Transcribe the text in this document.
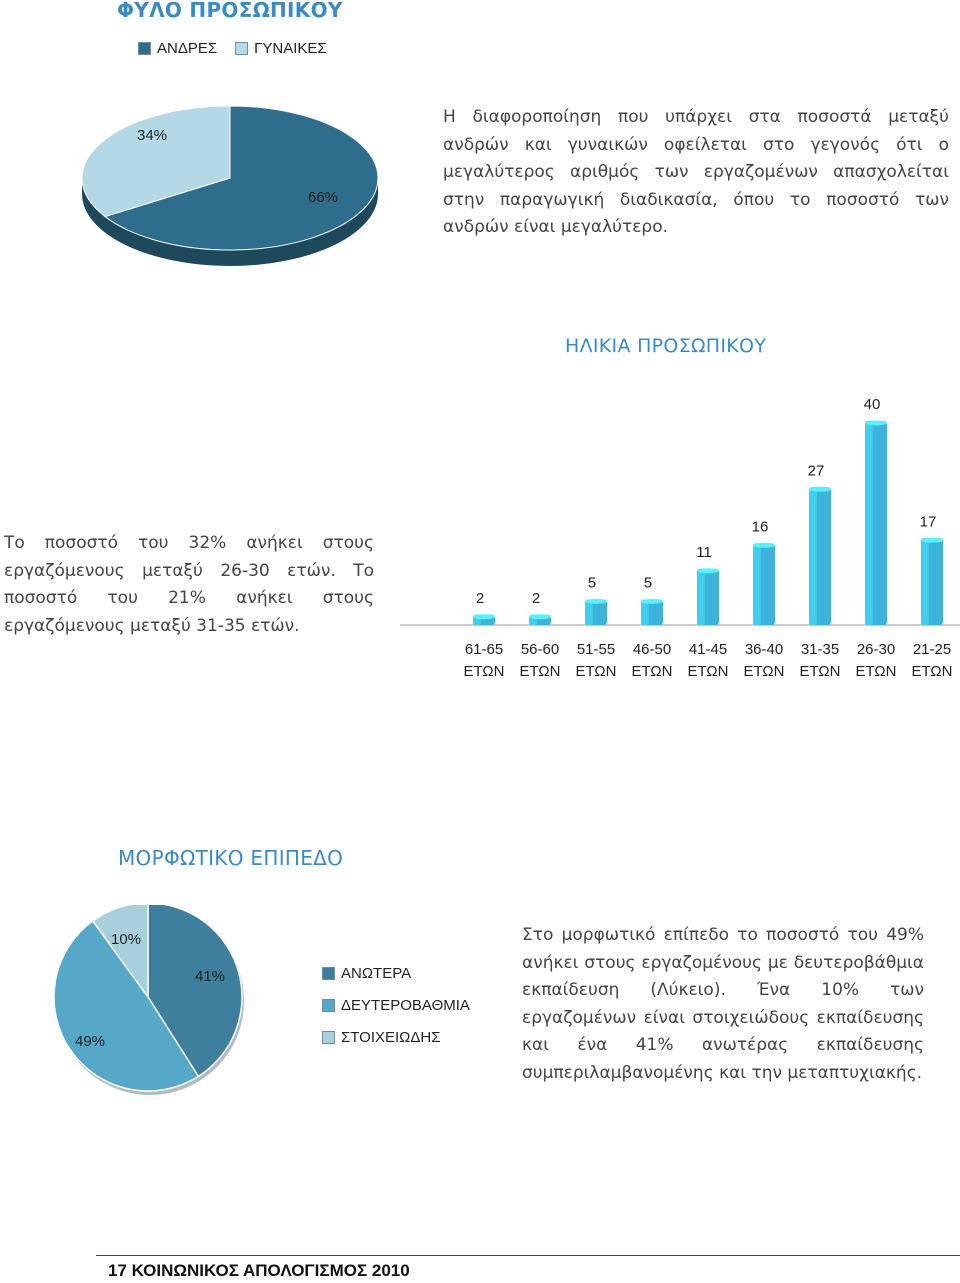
ΦΥΛΟ ΠΡΟΣΩΠΙΚΟΥ
ΑΝΔΡΕΣ ΓΥΝΑΙΚΕΣ
66%
34%
Η διαφοροποίηση που υπάρχει στα ποσοστά μεταξύ ανδρών και γυναικών οφείλεται στο γεγονός ότι ο μεγαλύτερος αριθμός των εργαζομένων απασχολείται στην παραγωγική διαδικασία, όπου το ποσοστό των ανδρών είναι μεγαλύτερο.
ΗΛΙΚΙΑ ΠΡΟΣΩΠΙΚΟΥ
Το ποσοστό του 32% ανήκει στους εργαζόμενους μεταξύ 26-30 ετών. Το ποσοστό του 21% ανήκει στους εργαζόμενους μεταξύ 31-35 ετών.
2
61-65
ΕΤΩΝ
2
56-60
ΕΤΩΝ
5
51-55
ΕΤΩΝ
5
46-50
ΕΤΩΝ
11
41-45
ΕΤΩΝ
16
36-40
ΕΤΩΝ
27
31-35
ΕΤΩΝ
40
26-30
ΕΤΩΝ
17
21-25
ΕΤΩΝ
ΜΟΡΦΩΤΙΚΟ ΕΠΙΠΕΔΟ
41%
49%
10%
ΑΝΩΤΕΡΑ
ΔΕΥΤΕΡΟΒΑΘΜΙΑ
ΣΤΟΙΧΕΙΩΔΗΣ
Στο μορφωτικό επίπεδο το ποσοστό του 49% ανήκει στους εργαζομένους με δευτεροβάθμια εκπαίδευση (Λύκειο). Ένα 10% των εργαζομένων είναι στοιχειώδους εκπαίδευσης και ένα 41% ανωτέρας εκπαίδευσης συμπεριλαμβανομένης και την μεταπτυχιακής.
17 ΚΟΙΝΩΝΙΚΟΣ ΑΠΟΛΟΓΙΣΜΟΣ 2010
